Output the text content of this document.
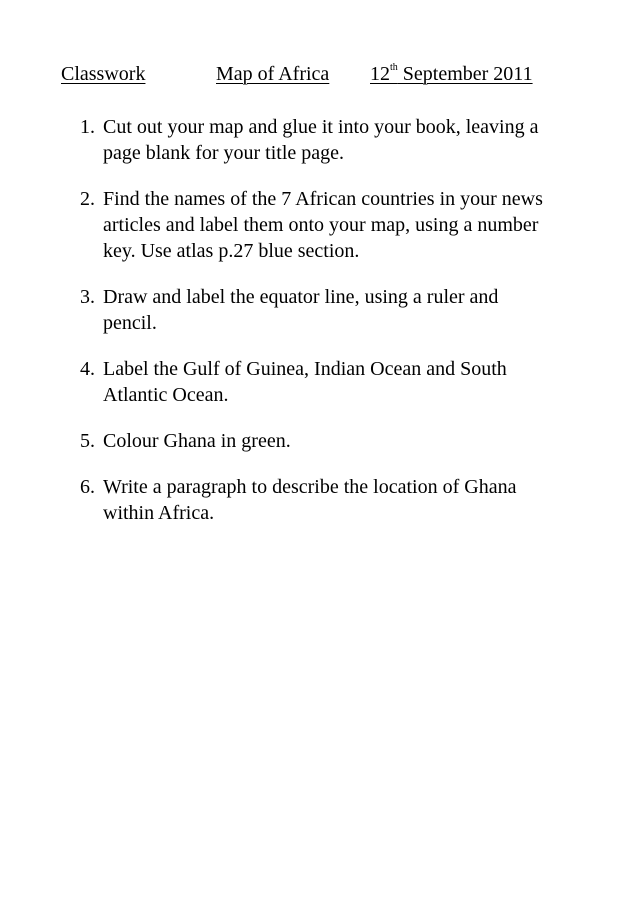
Classwork	Map of Africa 12th September 2011
1. Cut out your map and glue it into your book, leaving a
page blank for your title page.
2. Find the names of the 7 African countries in your news
articles and label them onto your map, using a number
key. Use atlas p.27 blue section.
3. Draw and label the equator line, using a ruler and
pencil.
4. Label the Gulf of Guinea, Indian Ocean and South
Atlantic Ocean.
5. Colour Ghana in green.
6. Write a paragraph to describe the location of Ghana
within Africa.
